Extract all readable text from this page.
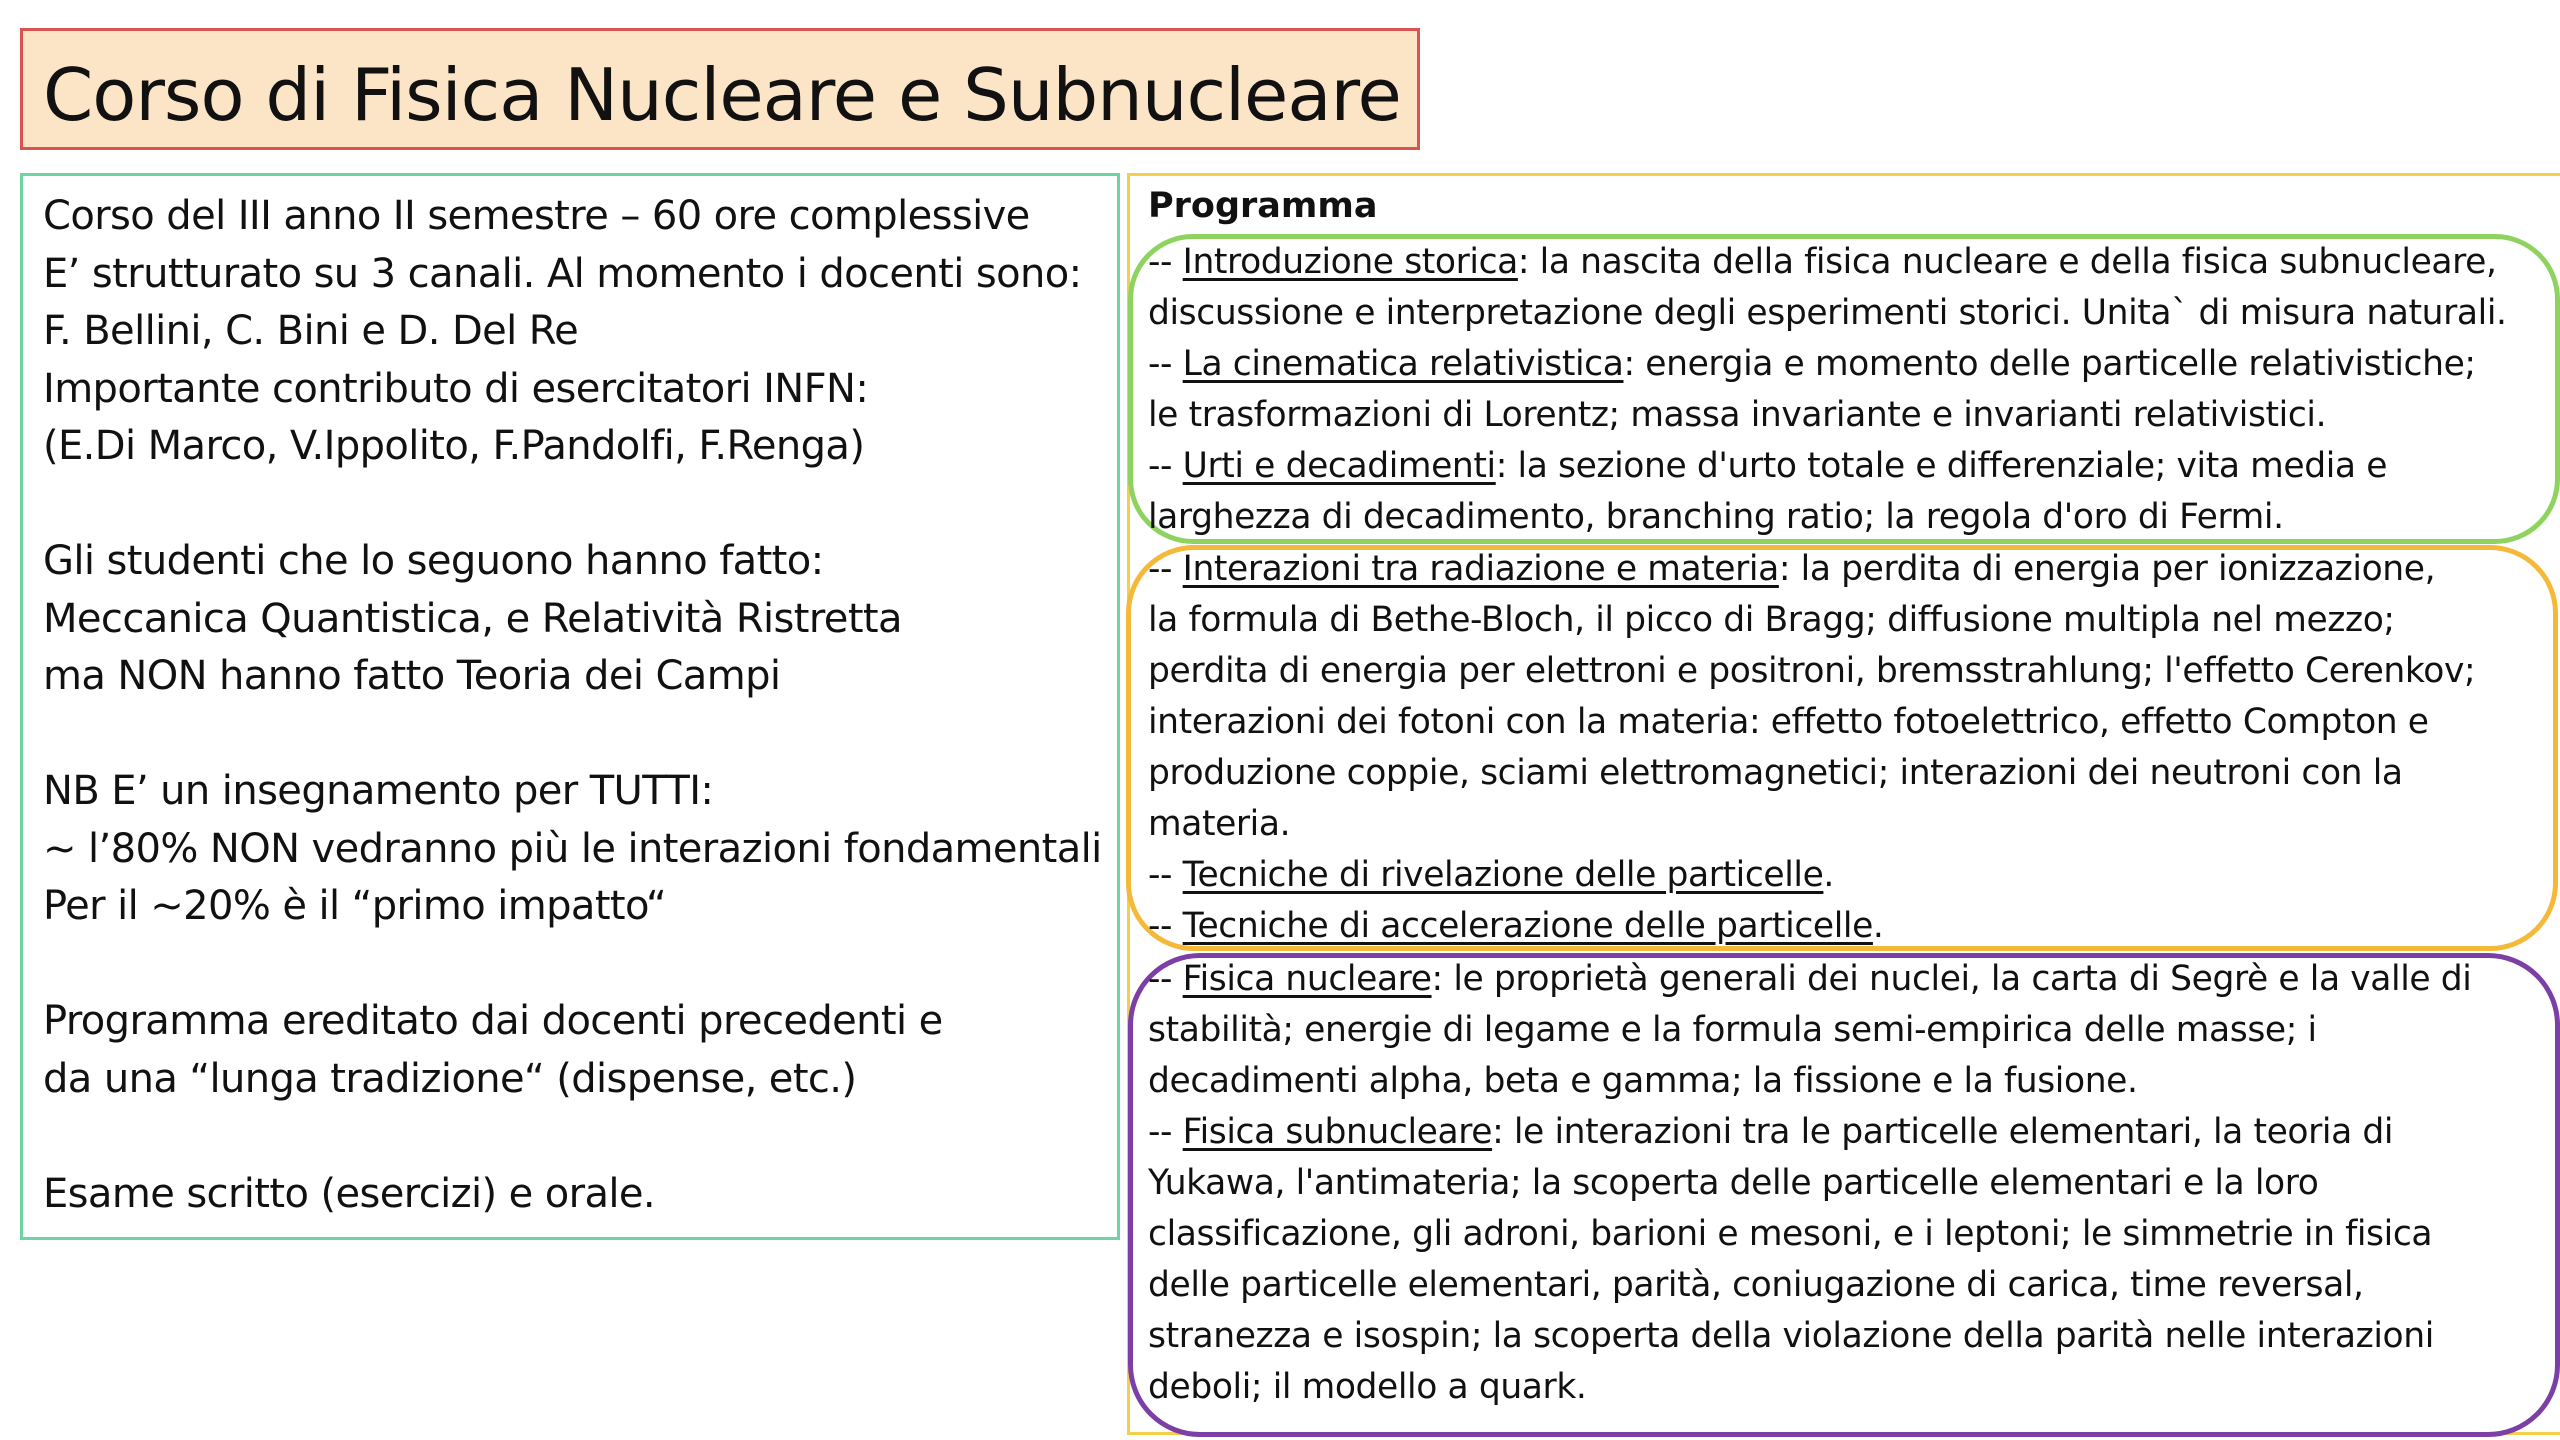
Corso di Fisica Nucleare e Subnucleare
Corso del III anno II semestre – 60 ore complessive
E’ strutturato su 3 canali. Al momento i docenti sono:
F. Bellini, C. Bini e D. Del Re
Importante contributo di esercitatori INFN:
(E.Di Marco, V.Ippolito, F.Pandolfi, F.Renga)
Gli studenti che lo seguono hanno fatto:
Meccanica Quantistica, e Relatività Ristretta
ma NON hanno fatto Teoria dei Campi
NB E’ un insegnamento per TUTTI:
~ l’80% NON vedranno più le interazioni fondamentali
Per il ~20% è il “primo impatto“
Programma ereditato dai docenti precedenti e
da una “lunga tradizione“ (dispense, etc.)
Esame scritto (esercizi) e orale.
Programma
-- Introduzione storica: la nascita della fisica nucleare e della fisica subnucleare,
discussione e interpretazione degli esperimenti storici. Unita` di misura naturali.
-- La cinematica relativistica: energia e momento delle particelle relativistiche;
le trasformazioni di Lorentz; massa invariante e invarianti relativistici.
-- Urti e decadimenti: la sezione d'urto totale e differenziale; vita media e
larghezza di decadimento, branching ratio; la regola d'oro di Fermi.
-- Interazioni tra radiazione e materia: la perdita di energia per ionizzazione,
la formula di Bethe-Bloch, il picco di Bragg; diffusione multipla nel mezzo;
perdita di energia per elettroni e positroni, bremsstrahlung; l'effetto Cerenkov;
interazioni dei fotoni con la materia: effetto fotoelettrico, effetto Compton e
produzione coppie, sciami elettromagnetici; interazioni dei neutroni con la
materia.
-- Tecniche di rivelazione delle particelle.
-- Tecniche di accelerazione delle particelle.
-- Fisica nucleare: le proprietà generali dei nuclei, la carta di Segrè e la valle di
stabilità; energie di legame e la formula semi-empirica delle masse; i
decadimenti alpha, beta e gamma; la fissione e la fusione.
-- Fisica subnucleare: le interazioni tra le particelle elementari, la teoria di
Yukawa, l'antimateria; la scoperta delle particelle elementari e la loro
classificazione, gli adroni, barioni e mesoni, e i leptoni; le simmetrie in fisica
delle particelle elementari, parità, coniugazione di carica, time reversal,
stranezza e isospin; la scoperta della violazione della parità nelle interazioni
deboli; il modello a quark.
